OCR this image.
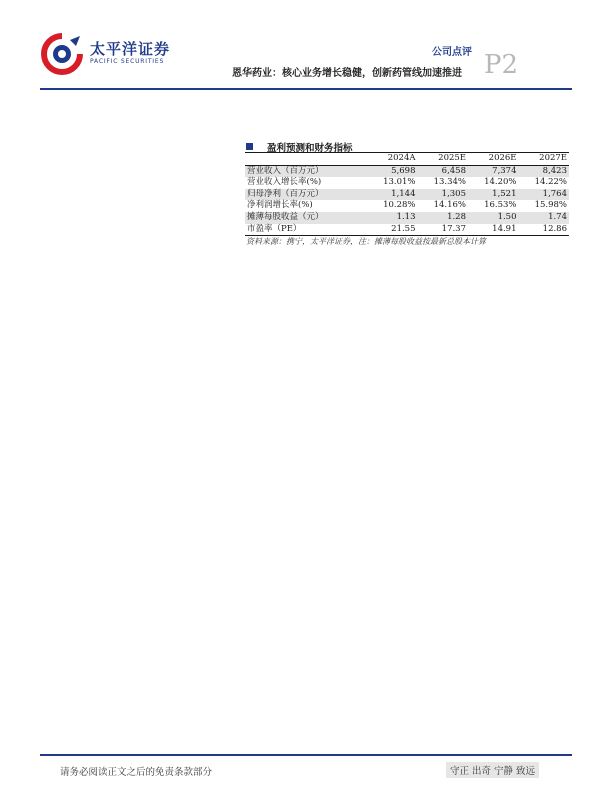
太平洋证券
PACIFIC SECURITIES
公司点评
恩华药业：核心业务增长稳健，创新药管线加速推进 P2
盈利预测和财务指标
	2024A	2025E	2026E	2027E
营业收入（百万元）	5,698	6,458	7,374	8,423
营业收入增长率(%)	13.01%	13.34%	14.20%	14.22%
归母净利（百万元）	1,144	1,305	1,521	1,764
净利润增长率(%)	10.28%	14.16%	16.53%	15.98%
摊薄每股收益（元）	1.13	1.28	1.50	1.74
市盈率（PE）	21.55	17.37	14.91	12.86
资料来源：携宁，太平洋证券，注：摊薄每股收益按最新总股本计算
请务必阅读正文之后的免责条款部分	守正 出奇 宁静 致远
